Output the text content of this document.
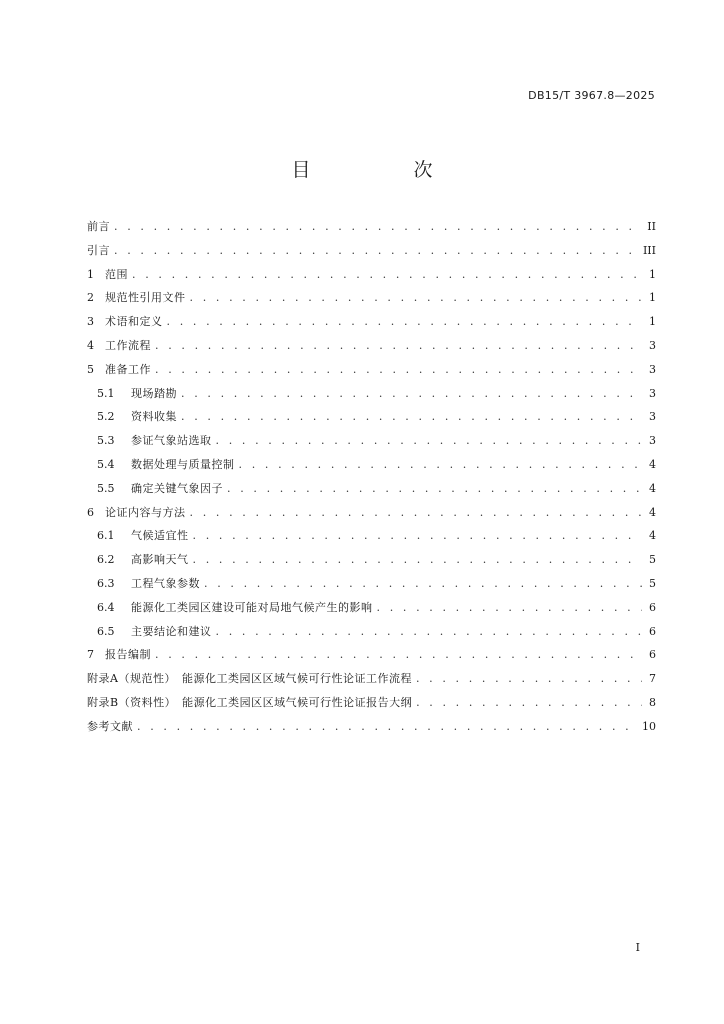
DB15/T 3967.8—2025
目　次
前言 . . .	II
引言 . . .	III
1	范围 . . .	1
2	规范性引用文件 . . .	1
3	术语和定义 . . .	1
4	工作流程 . . .	3
5	准备工作 . . .	3
5.1	现场踏勘 . . .	3
5.2	资料收集 . . .	3
5.3	参证气象站选取 . . .	3
5.4	数据处理与质量控制 . . .	4
5.5	确定关键气象因子 . . .	4
6	论证内容与方法 . . .	4
6.1	气候适宜性 . . .	4
6.2	高影响天气 . . .	5
6.3	工程气象参数 . . .	5
6.4	能源化工类园区建设可能对局地气候产生的影响 . . .	6
6.5	主要结论和建议 . . .	6
7	报告编制 . . .	6
附录A（规范性）　能源化工类园区区域气候可行性论证工作流程 . . .	7
附录B（资料性）　能源化工类园区区域气候可行性论证报告大纲 . . .	8
参考文献 . . .	10
I
